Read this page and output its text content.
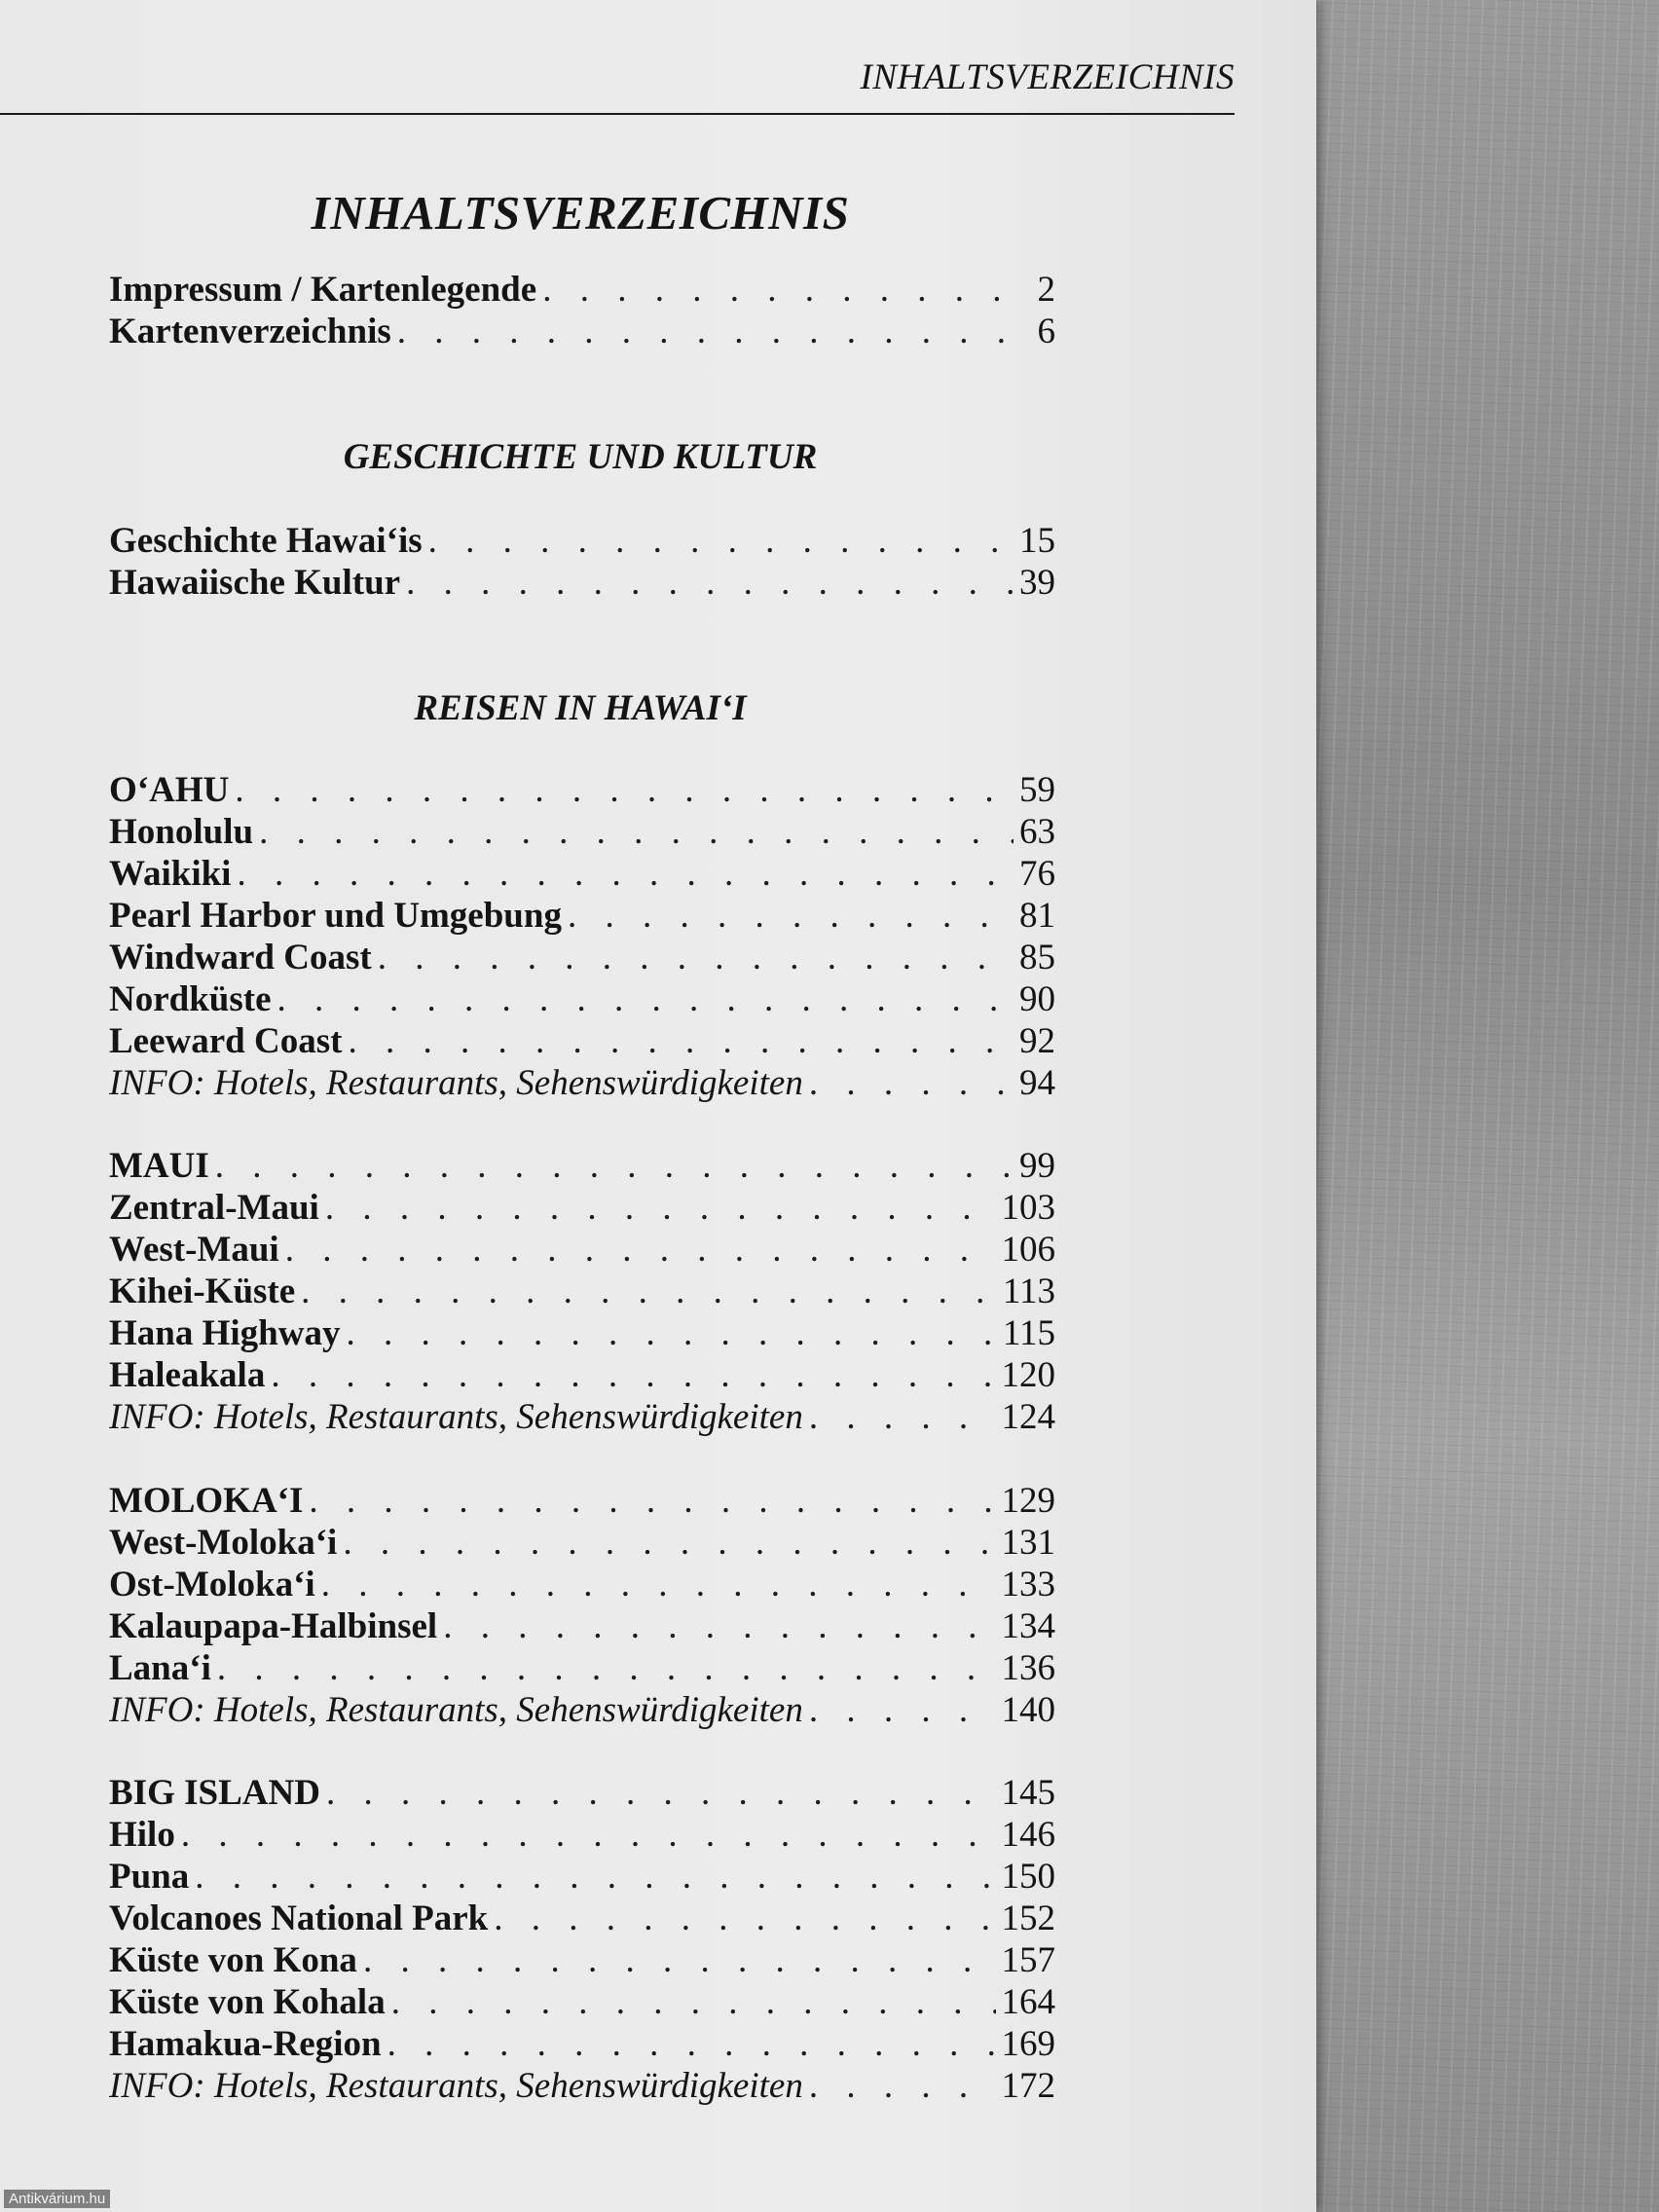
INHALTSVERZEICHNIS
INHALTSVERZEICHNIS
Impressum / Kartenlegende . . .	2
Kartenverzeichnis . . .	6
GESCHICHTE UND KULTUR
Geschichte Hawai‘is . . .	15
Hawaiische Kultur . . .	39
REISEN IN HAWAI‘I
O‘AHU . . .	59
Honolulu . . .	63
Waikiki . . .	76
Pearl Harbor und Umgebung . . .	81
Windward Coast . . .	85
Nordküste . . .	90
Leeward Coast . . .	92
INFO: Hotels, Restaurants, Sehenswürdigkeiten . . .	94
MAUI . . .	99
Zentral-Maui . . .	103
West-Maui . . .	106
Kihei-Küste . . .	113
Hana Highway . . .	115
Haleakala . . .	120
INFO: Hotels, Restaurants, Sehenswürdigkeiten . . .	124
MOLOKA‘I . . .	129
West-Moloka‘i . . .	131
Ost-Moloka‘i . . .	133
Kalaupapa-Halbinsel . . .	134
Lana‘i . . .	136
INFO: Hotels, Restaurants, Sehenswürdigkeiten . . .	140
BIG ISLAND . . .	145
Hilo . . .	146
Puna . . .	150
Volcanoes National Park . . .	152
Küste von Kona . . .	157
Küste von Kohala . . .	164
Hamakua-Region . . .	169
INFO: Hotels, Restaurants, Sehenswürdigkeiten . . .	172
Antikvárium.hu
